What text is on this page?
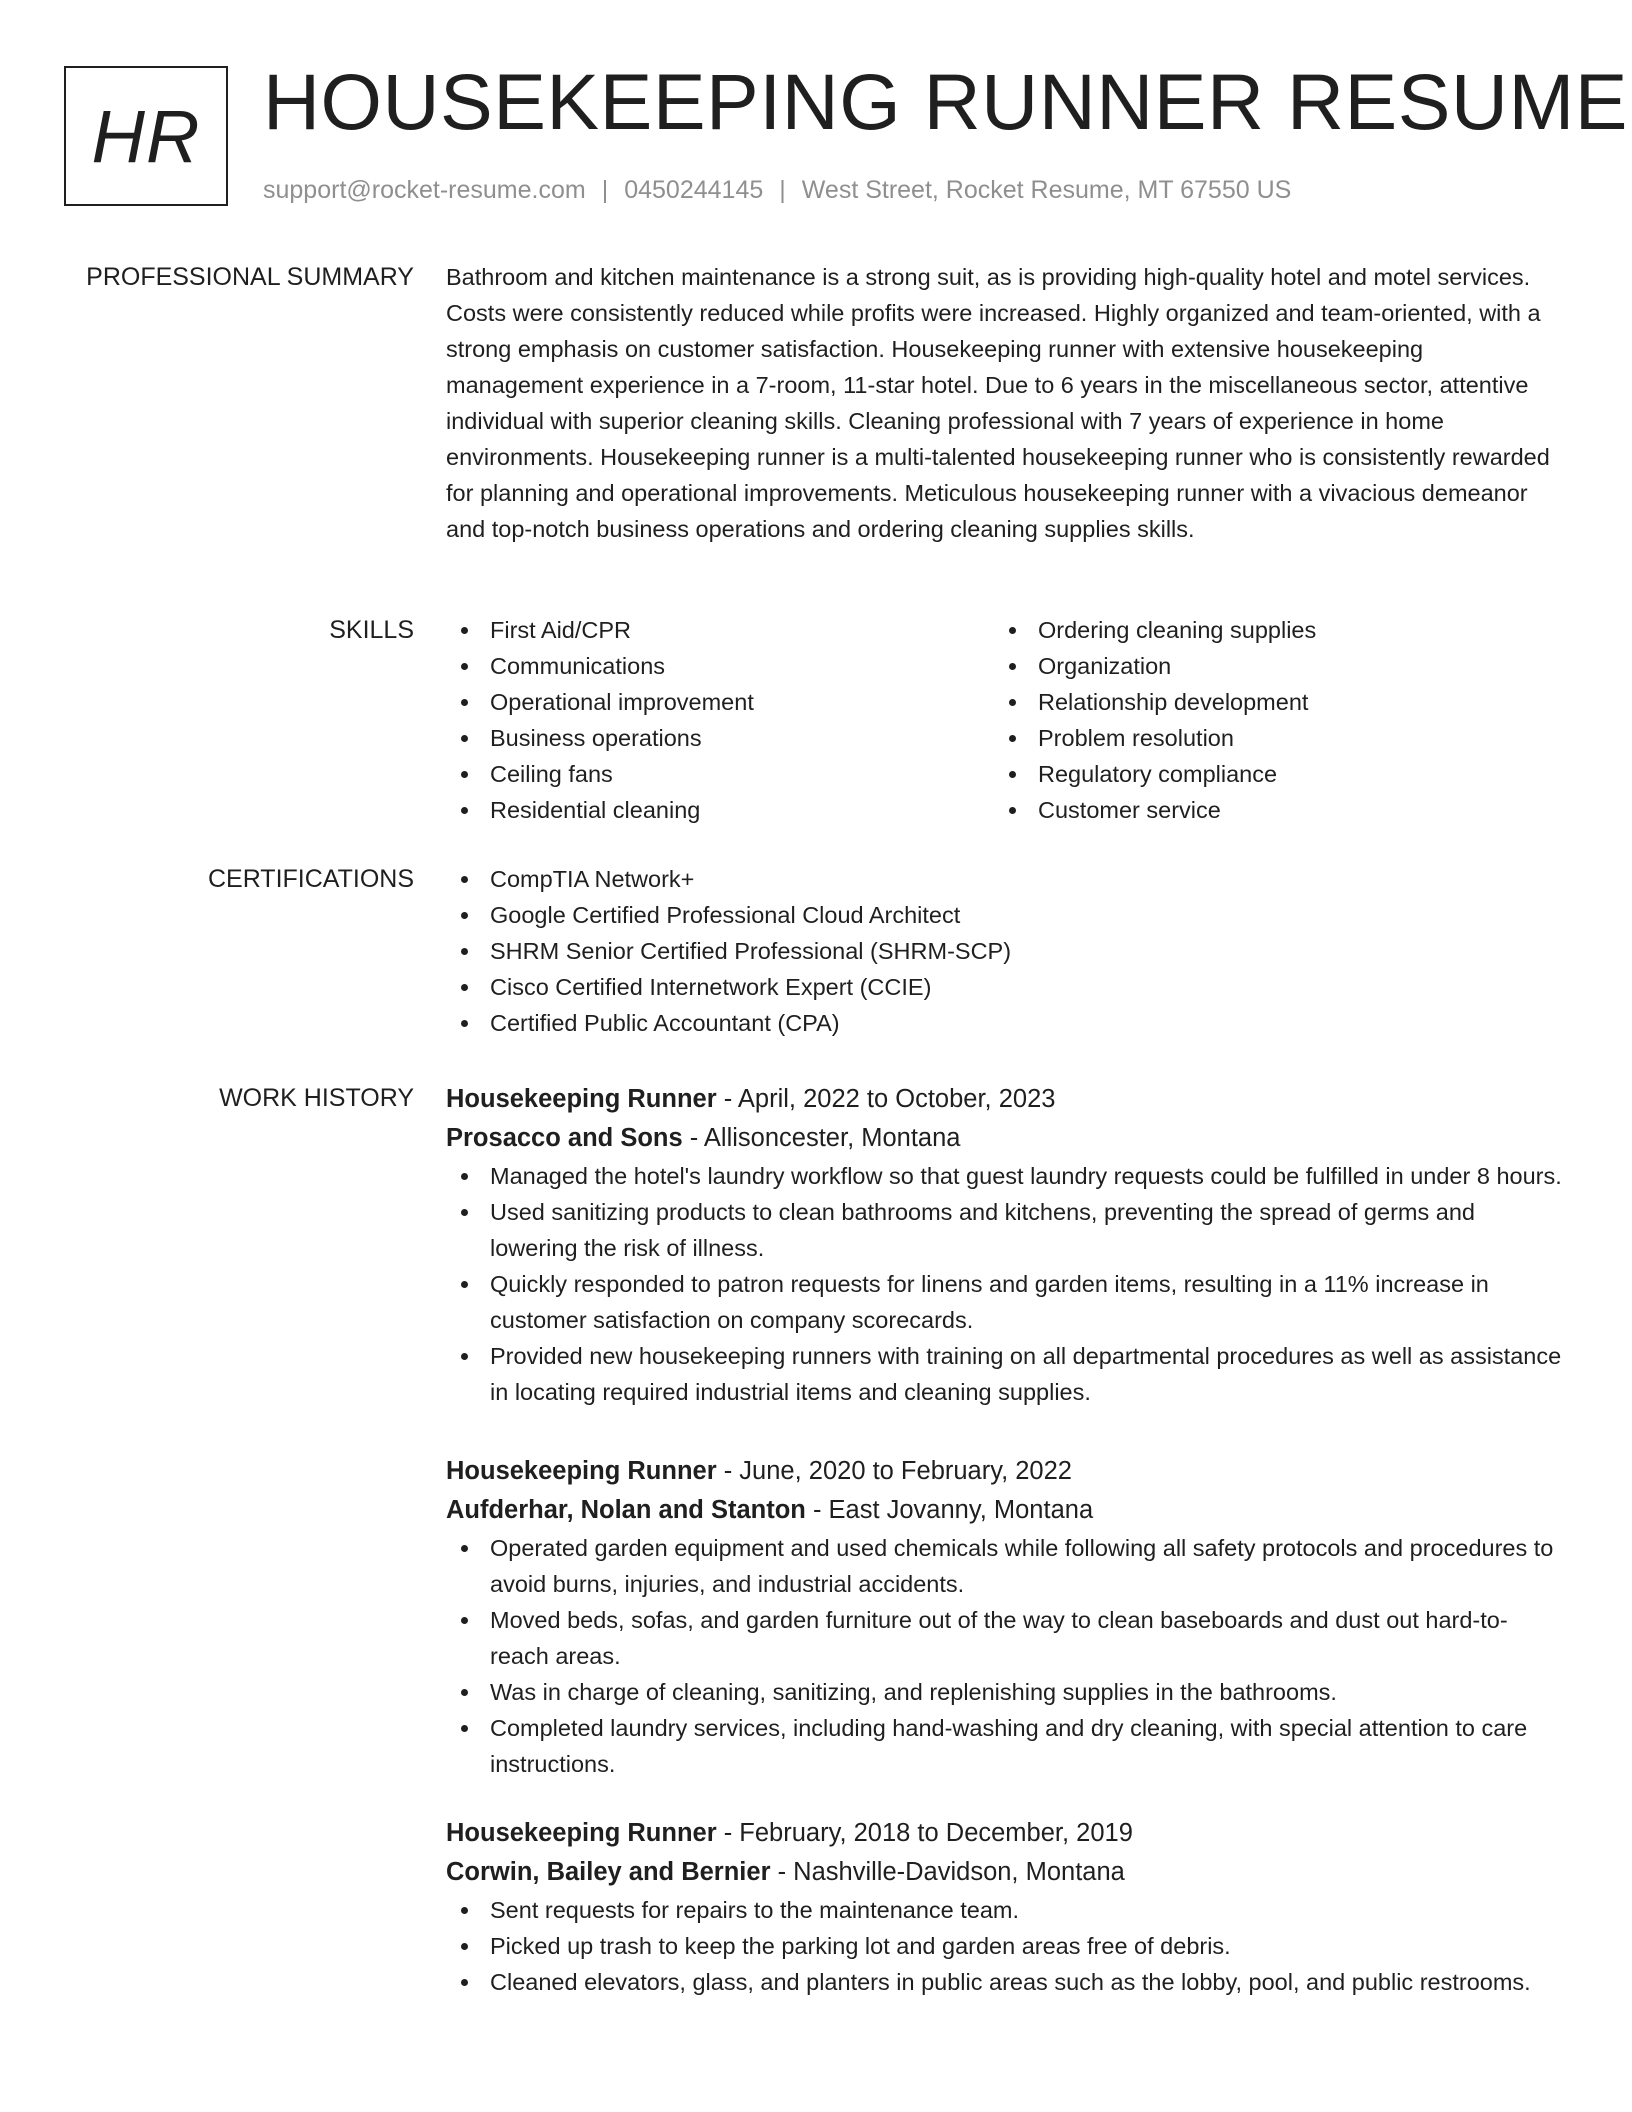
HR HOUSEKEEPING RUNNER RESUME
support@rocket-resume.com | 0450244145 | West Street, Rocket Resume, MT 67550 US
PROFESSIONAL SUMMARY Bathroom and kitchen maintenance is a strong suit, as is providing high-quality hotel and motel services. Costs were consistently reduced while profits were increased. Highly organized and team-oriented, with a strong emphasis on customer satisfaction. Housekeeping runner with extensive housekeeping management experience in a 7-room, 11-star hotel. Due to 6 years in the miscellaneous sector, attentive individual with superior cleaning skills. Cleaning professional with 7 years of experience in home environments. Housekeeping runner is a multi-talented housekeeping runner who is consistently rewarded for planning and operational improvements. Meticulous housekeeping runner with a vivacious demeanor and top-notch business operations and ordering cleaning supplies skills.

SKILLS	First Aid/CPR
Communications
Operational improvement
Business operations
Ceiling fans
Residential cleaning
Ordering cleaning supplies
Organization
Relationship development
Problem resolution
Regulatory compliance
Customer service
CERTIFICATIONS	CompTIA Network+
Google Certified Professional Cloud Architect
SHRM Senior Certified Professional (SHRM-SCP)
Cisco Certified Internetwork Expert (CCIE)
Certified Public Accountant (CPA)
WORK HISTORY Housekeeping Runner - April, 2022 to October, 2023
Prosacco and Sons - Allisoncester, Montana
Managed the hotel's laundry workflow so that guest laundry requests could be fulfilled in under 8 hours.
Used sanitizing products to clean bathrooms and kitchens, preventing the spread of germs and lowering the risk of illness.
Quickly responded to patron requests for linens and garden items, resulting in a 11% increase in customer satisfaction on company scorecards.
Provided new housekeeping runners with training on all departmental procedures as well as assistance in locating required industrial items and cleaning supplies.
Housekeeping Runner - June, 2020 to February, 2022
Aufderhar, Nolan and Stanton - East Jovanny, Montana
Operated garden equipment and used chemicals while following all safety protocols and procedures to avoid burns, injuries, and industrial accidents.
Moved beds, sofas, and garden furniture out of the way to clean baseboards and dust out hard-to-reach areas.
Was in charge of cleaning, sanitizing, and replenishing supplies in the bathrooms.
Completed laundry services, including hand-washing and dry cleaning, with special attention to care instructions.
Housekeeping Runner - February, 2018 to December, 2019
Corwin, Bailey and Bernier - Nashville-Davidson, Montana
Sent requests for repairs to the maintenance team.
Picked up trash to keep the parking lot and garden areas free of debris.
Cleaned elevators, glass, and planters in public areas such as the lobby, pool, and public restrooms.
